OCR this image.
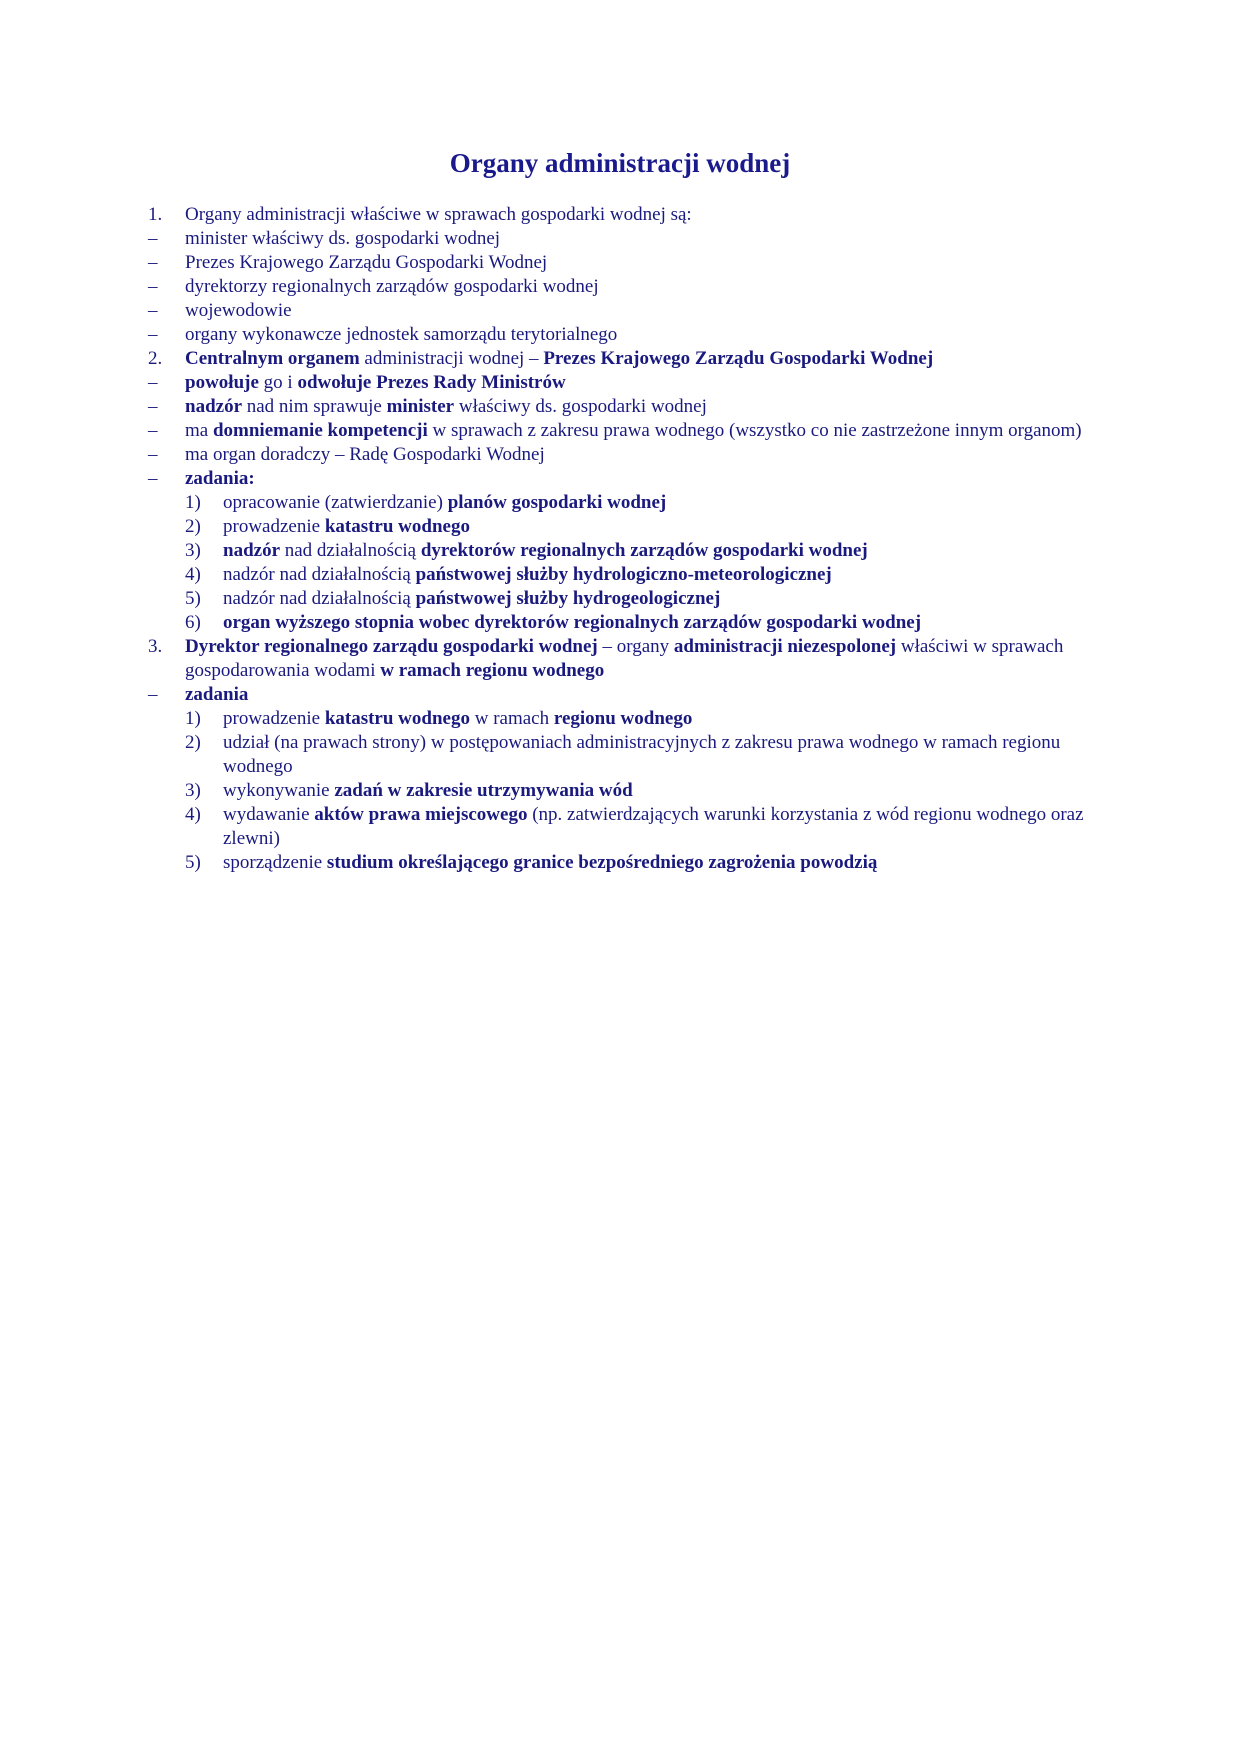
Organy administracji wodnej
1.	Organy administracji właściwe w sprawach gospodarki wodnej są:
–	minister właściwy ds. gospodarki wodnej
–	Prezes Krajowego Zarządu Gospodarki Wodnej
–	dyrektorzy regionalnych zarządów gospodarki wodnej
–	wojewodowie
–	organy wykonawcze jednostek samorządu terytorialnego
2.	Centralnym organem administracji wodnej – Prezes Krajowego Zarządu Gospodarki Wodnej
–	powołuje go i odwołuje Prezes Rady Ministrów
–	nadzór nad nim sprawuje minister właściwy ds. gospodarki wodnej
–	ma domniemanie kompetencji w sprawach z zakresu prawa wodnego (wszystko co nie zastrzeżone innym organom)
–	ma organ doradczy – Radę Gospodarki Wodnej
–	zadania:
1)	opracowanie (zatwierdzanie) planów gospodarki wodnej
2)	prowadzenie katastru wodnego
3)	nadzór nad działalnością dyrektorów regionalnych zarządów gospodarki wodnej
4)	nadzór nad działalnością państwowej służby hydrologiczno-meteorologicznej
5)	nadzór nad działalnością państwowej służby hydrogeologicznej
6)	organ wyższego stopnia wobec dyrektorów regionalnych zarządów gospodarki wodnej
3.	Dyrektor regionalnego zarządu gospodarki wodnej – organy administracji niezespolonej właściwi w sprawach gospodarowania wodami w ramach regionu wodnego
–	zadania
1)	prowadzenie katastru wodnego w ramach regionu wodnego
2)	udział (na prawach strony) w postępowaniach administracyjnych z zakresu prawa wodnego w ramach regionu wodnego
3)	wykonywanie zadań w zakresie utrzymywania wód
4)	wydawanie aktów prawa miejscowego (np. zatwierdzających warunki korzystania z wód regionu wodnego oraz zlewni)
5)	sporządzenie studium określającego granice bezpośredniego zagrożenia powodzią
